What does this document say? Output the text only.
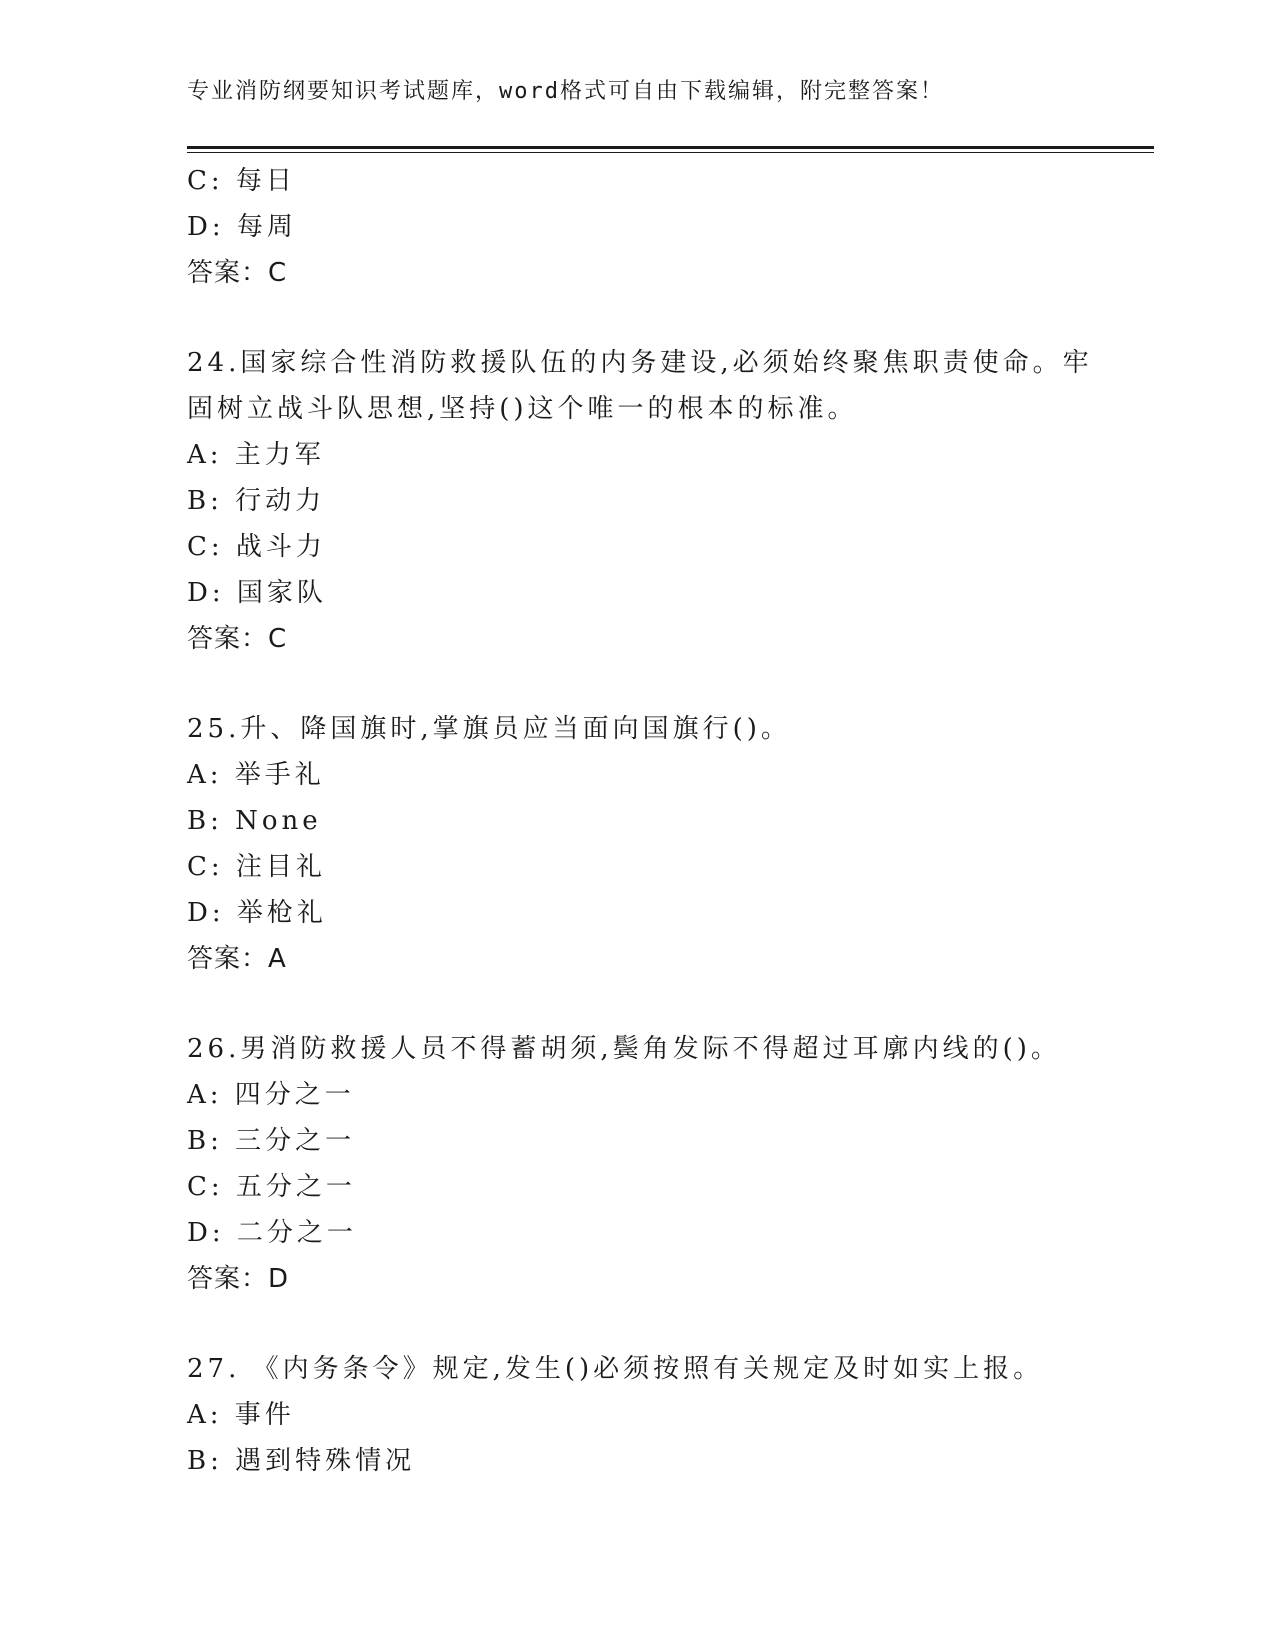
专业消防纲要知识考试题库，word格式可自由下载编辑，附完整答案！
C: 每日
D: 每周
答案：C
24.国家综合性消防救援队伍的内务建设,必须始终聚焦职责使命。牢
固树立战斗队思想,坚持()这个唯一的根本的标准。
A: 主力军
B: 行动力
C: 战斗力
D: 国家队
答案：C
25.升、降国旗时,掌旗员应当面向国旗行()。
A: 举手礼
B: None
C: 注目礼
D: 举枪礼
答案：A
26.男消防救援人员不得蓄胡须,鬓角发际不得超过耳廓内线的()。
A: 四分之一
B: 三分之一
C: 五分之一
D: 二分之一
答案：D
27. 《内务条令》规定,发生()必须按照有关规定及时如实上报。
A: 事件
B: 遇到特殊情况
